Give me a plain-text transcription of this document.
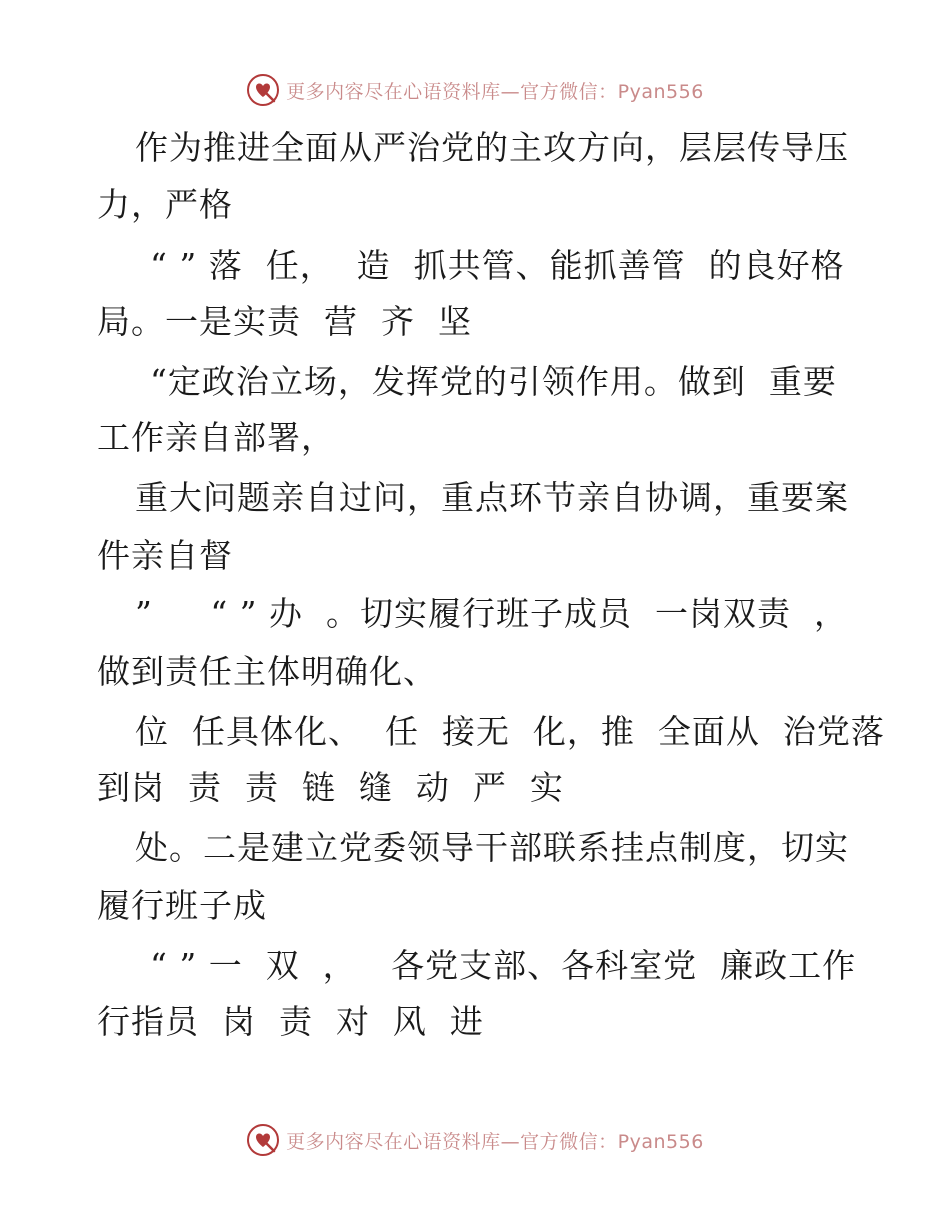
更多内容尽在心语资料库—官方微信：Pyan556
作为推进全面从严治党的主攻方向，层层传导压
力，严格
“ ” 落  任，  造  抓共管、能抓善管  的良好格
局。一是实责  营  齐  坚
“定政治立场，发挥党的引领作用。做到  重要
工作亲自部署，
重大问题亲自过问，重点环节亲自协调，重要案
件亲自督
”     “ ” 办  。切实履行班子成员  一岗双责  ，
做到责任主体明确化、
位  任具体化、  任  接无  化，推  全面从  治党落
到岗  责  责  链  缝  动  严  实
处。二是建立党委领导干部联系挂点制度，切实
履行班子成
“ ” 一  双  ，   各党支部、各科室党  廉政工作
行指员  岗  责  对  风  进
更多内容尽在心语资料库—官方微信：Pyan556
